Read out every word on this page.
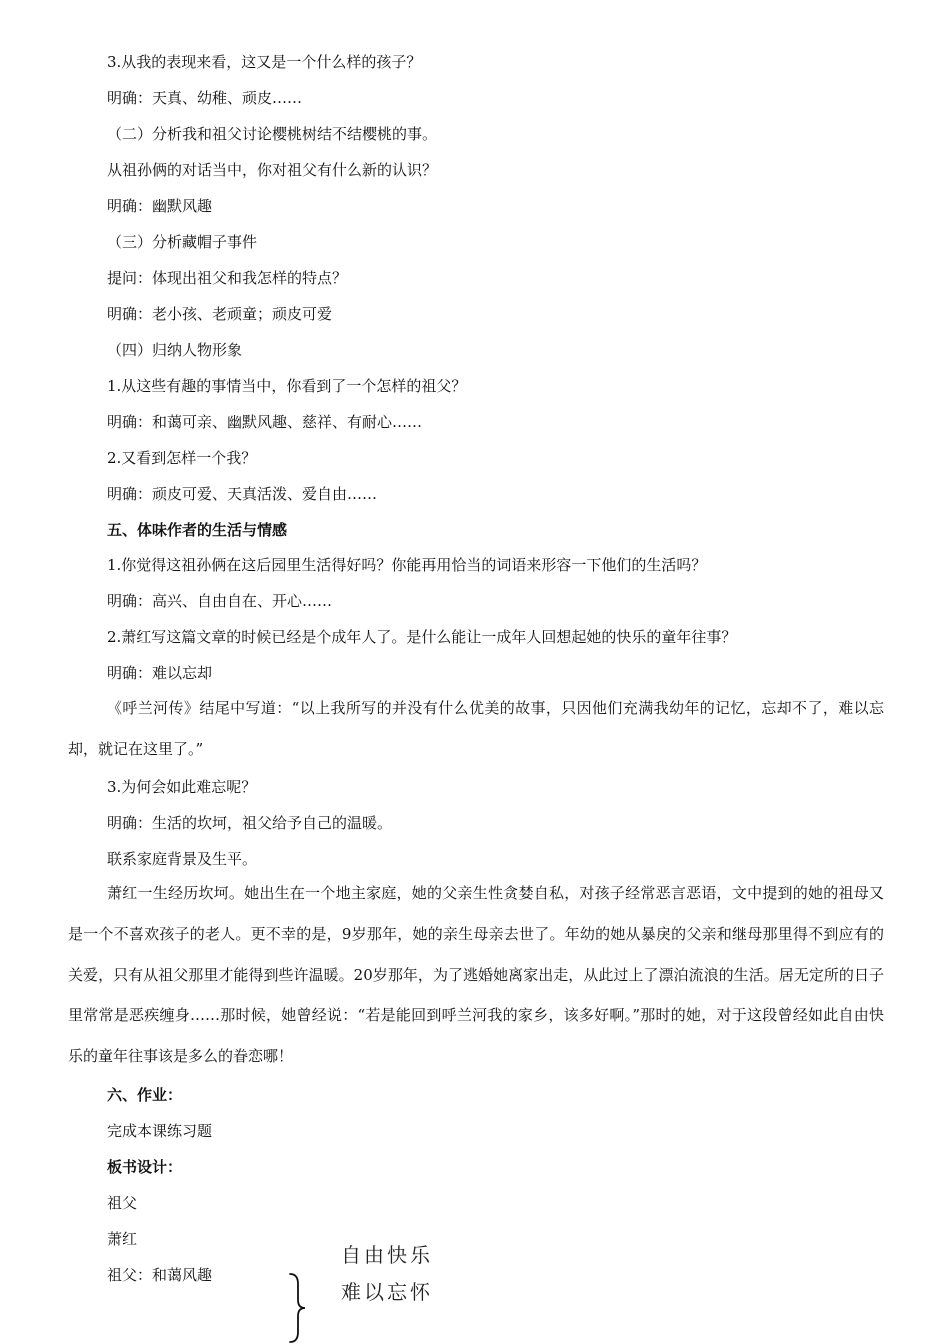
3.从我的表现来看，这又是一个什么样的孩子？
明确：天真、幼稚、顽皮……
（二）分析我和祖父讨论樱桃树结不结樱桃的事。
从祖孙俩的对话当中，你对祖父有什么新的认识？
明确：幽默风趣
（三）分析藏帽子事件
提问：体现出祖父和我怎样的特点？
明确：老小孩、老顽童；顽皮可爱
（四）归纳人物形象
1.从这些有趣的事情当中，你看到了一个怎样的祖父？
明确：和蔼可亲、幽默风趣、慈祥、有耐心……
2.又看到怎样一个我？
明确：顽皮可爱、天真活泼、爱自由……
五、体味作者的生活与情感
1.你觉得这祖孙俩在这后园里生活得好吗？你能再用恰当的词语来形容一下他们的生活吗？
明确：高兴、自由自在、开心……
2.萧红写这篇文章的时候已经是个成年人了。是什么能让一成年人回想起她的快乐的童年往事？
明确：难以忘却

《呼兰河传》结尾中写道：“以上我所写的并没有什么优美的故事，只因他们充满我幼年的记忆，忘却不了，难以忘却，就记在这里了。”

3.为何会如此难忘呢？
明确：生活的坎坷，祖父给予自己的温暖。
联系家庭背景及生平。

萧红一生经历坎坷。她出生在一个地主家庭，她的父亲生性贪婪自私，对孩子经常恶言恶语，文中提到的她的祖母又是一个不喜欢孩子的老人。更不幸的是，9岁那年，她的亲生母亲去世了。年幼的她从暴戾的父亲和继母那里得不到应有的关爱，只有从祖父那里才能得到些许温暖。20岁那年，为了逃婚她离家出走，从此过上了漂泊流浪的生活。居无定所的日子里常常是恶疾缠身……那时候，她曾经说：“若是能回到呼兰河我的家乡，该多好啊。”那时的她，对于这段曾经如此自由快乐的童年往事该是多么的眷恋哪！

六、作业：
完成本课练习题
板书设计：
祖父
萧红
祖父：和蔼风趣
自由快乐
难以忘怀
